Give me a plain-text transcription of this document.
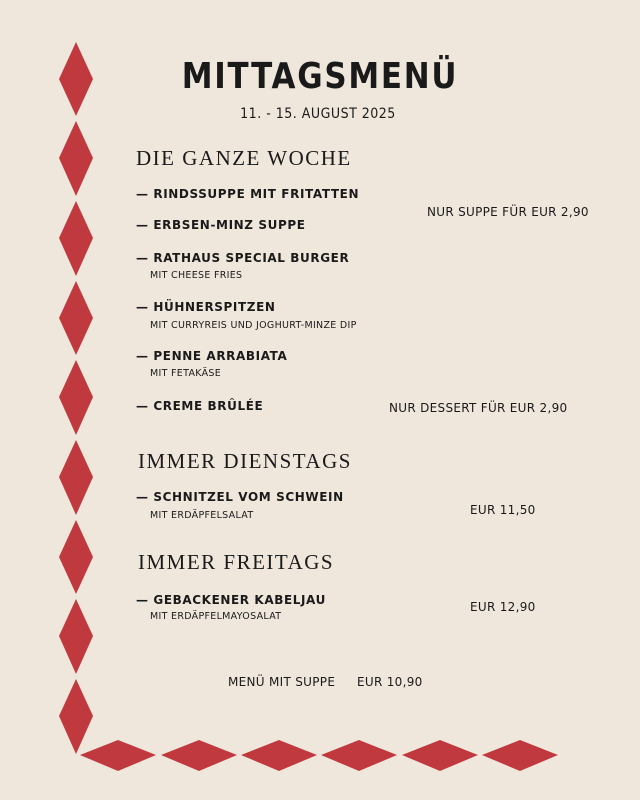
MITTAGSMENÜ
11. - 15. AUGUST 2025
DIE GANZE WOCHE
— RINDSSUPPE MIT FRITATTEN
— ERBSEN-MINZ SUPPE
NUR SUPPE FÜR EUR 2,90
— RATHAUS SPECIAL BURGER
MIT CHEESE FRIES
— HÜHNERSPITZEN
MIT CURRYREIS UND JOGHURT-MINZE DIP
— PENNE ARRABIATA
MIT FETAKÄSE
— CREME BRÛLÉE	NUR DESSERT FÜR EUR 2,90
IMMER DIENSTAGS
— SCHNITZEL VOM SCHWEIN
MIT ERDÄPFELSALAT	EUR 11,50
IMMER FREITAGS
— GEBACKENER KABELJAU
MIT ERDÄPFELMAYOSALAT
EUR 12,90
MENÜ MIT SUPPE EUR 10,90
